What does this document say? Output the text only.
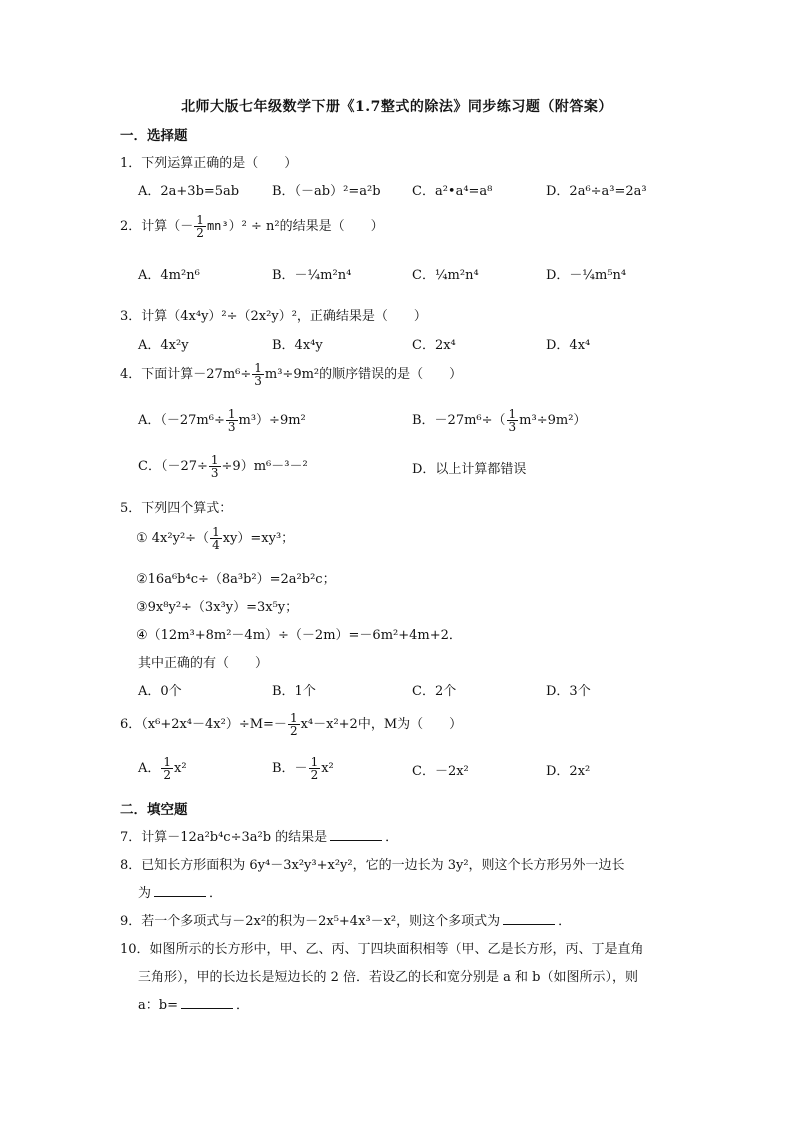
北师大版七年级数学下册《1.7整式的除法》同步练习题（附答案）
一．选择题
1．下列运算正确的是（　　）
A．2a+3b=5ab	B．（－ab）²=a²b C．a²•a⁴=a⁸	D．2a⁶÷a³=2a³
2．计算（－ $\frac{1}{2} mn^3)^2 \div n^2$的结果是（　　）
A．4m²n⁶	B．－¼m²n⁴	C．¼m²n⁴	D．－¼m⁵n⁴
3．计算（4x⁴y）²÷（2x²y）²，正确结果是（　　）
A．4x²y	B．4x⁴y	C．2x⁴	D．4x⁴
4．下面计算$-27m^6\div \frac{1}{3} m^3\div 9m^2$的顺序错误的是（　　）
A．$(-27m^6\div \frac{1}{3} m^3)\div 9m^2$	B．$-27m^6\div( \frac{1}{3} m^3\div 9m^2)$
C．$(-27\div \frac{1}{3} \div 9)m^6-^3-^2$	D．以上计算都错误
5．下列四个算式：
① $4x^2y^2\div( \frac{1}{4} xy)=xy^3$；
②16a⁶b⁴c÷（8a³b²）=2a²b²c；
③9x⁸y²÷（3x³y）=3x⁵y；
④（12m³+8m²－4m）÷（－2m）=－6m²+4m+2．
其中正确的有（　　）
A．0个	B．1个	C．2个	D．3个
6．$(x^6+2x^4-4x^2)\div M=- \frac{1}{2} x^4-x^2+2$中，M为（　　）
A． $\frac{1}{2} x^2$	B．－ $\frac{1}{2} x^2$	C．－2x²	D．2x²
二．填空题
7．计算－12a²b⁴c÷3a²b 的结果是	．
8．已知长方形面积为 6y⁴－3x²y³+x²y²，它的一边长为 3y²，则这个长方形另外一边长
为	．
9．若一个多项式与－2x²的积为－2x⁵+4x³－x²，则这个多项式为	．
10．如图所示的长方形中，甲、乙、丙、丁四块面积相等（甲、乙是长方形，丙、丁是直角
三角形），甲的长边长是短边长的 2 倍．若设乙的长和宽分别是 a 和 b（如图所示），则
a：b=	．
